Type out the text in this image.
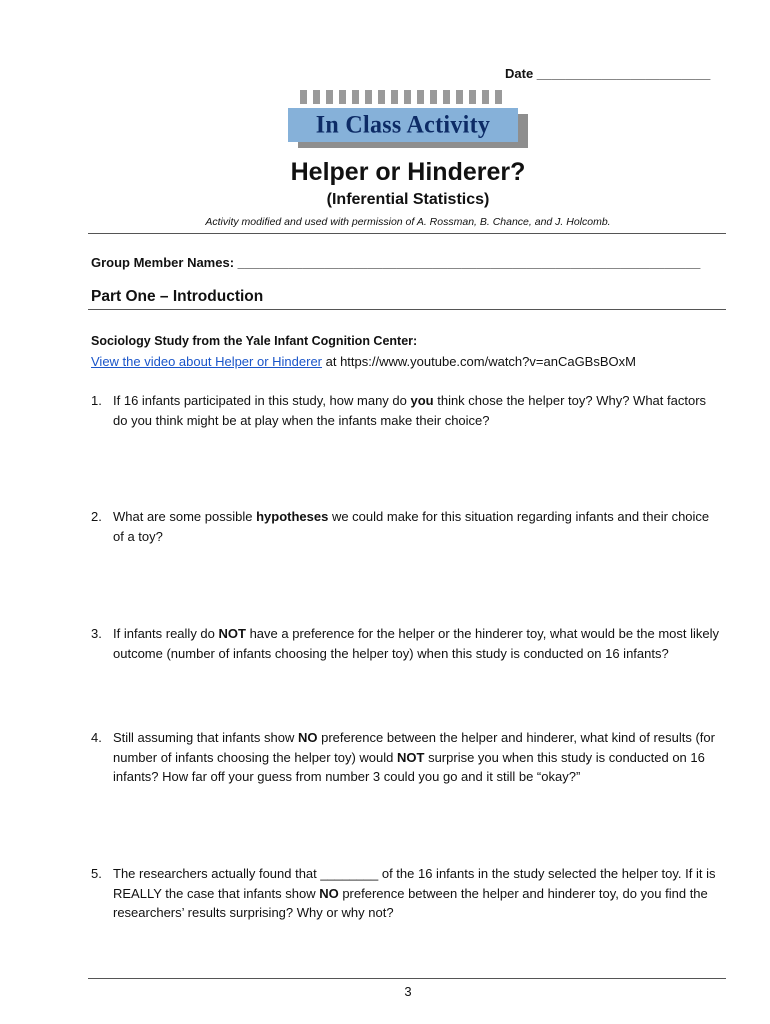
Date ________________________
In Class Activity
Helper or Hinderer?
(Inferential Statistics)
Activity modified and used with permission of A. Rossman, B. Chance, and J. Holcomb.
Group Member Names: ________________________________________________________________
Part One – Introduction
Sociology Study from the Yale Infant Cognition Center:
View the video about Helper or Hinderer at https://www.youtube.com/watch?v=anCaGBsBOxM
1. If 16 infants participated in this study, how many do you think chose the helper toy? Why? What factors do you think might be at play when the infants make their choice?
2. What are some possible hypotheses we could make for this situation regarding infants and their choice of a toy?
3. If infants really do NOT have a preference for the helper or the hinderer toy, what would be the most likely outcome (number of infants choosing the helper toy) when this study is conducted on 16 infants?
4. Still assuming that infants show NO preference between the helper and hinderer, what kind of results (for number of infants choosing the helper toy) would NOT surprise you when this study is conducted on 16 infants? How far off your guess from number 3 could you go and it still be “okay?”
5. The researchers actually found that ________ of the 16 infants in the study selected the helper toy. If it is REALLY the case that infants show NO preference between the helper and hinderer toy, do you find the researchers’ results surprising? Why or why not?
3
